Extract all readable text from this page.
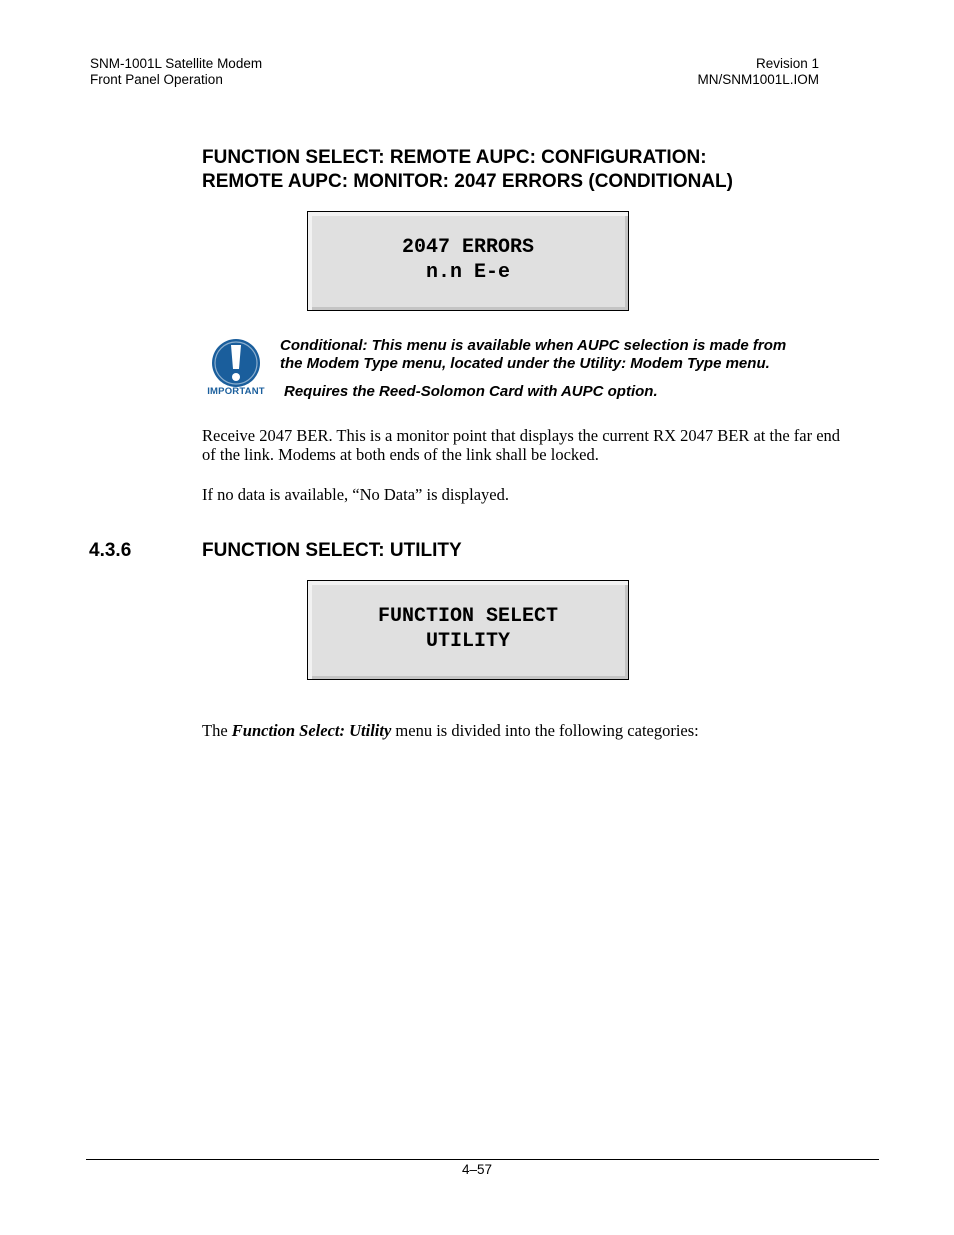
SNM-1001L Satellite Modem
Front Panel Operation
Revision 1
MN/SNM1001L.IOM
FUNCTION SELECT: REMOTE AUPC: CONFIGURATION:
REMOTE AUPC: MONITOR: 2047 ERRORS (CONDITIONAL)
2047 ERRORS
n.n E-e
IMPORTANT
Conditional: This menu is available when AUPC selection is made from
the Modem Type menu, located under the Utility: Modem Type menu.
Requires the Reed-Solomon Card with AUPC option.
Receive 2047 BER. This is a monitor point that displays the current RX 2047 BER at the far end
of the link. Modems at both ends of the link shall be locked.
If no data is available, “No Data” is displayed.
4.3.6	FUNCTION SELECT: UTILITY
FUNCTION SELECT
UTILITY
The Function Select: Utility menu is divided into the following categories:
4–57
